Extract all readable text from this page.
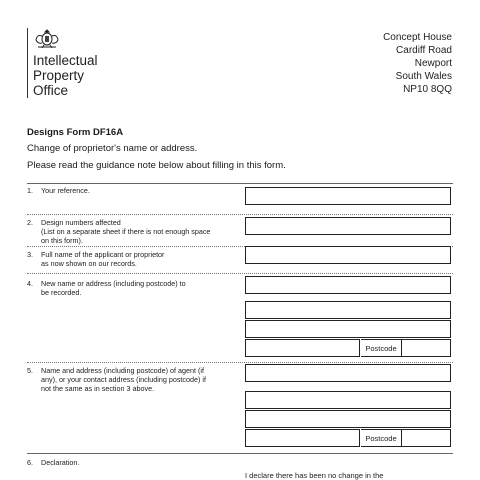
Intellectual
Property
Office
Concept House
Cardiff Road
Newport
South Wales
NP10 8QQ
Designs Form DF16A
Change of proprietor's name or address.
Please read the guidance note below about filling in this form.
1. Your reference.
2. Design numbers affected
(List on a separate sheet if there is not enough space
on this form).
3. Full name of the applicant or proprietor
as now shown on our records.
4. New name or address (including postcode) to
be recorded.
Postcode
5. Name and address (including postcode) of agent (if
any), or your contact address (including postcode) if
not the same as in section 3 above.
Postcode
6. Declaration.
I declare there has been no change in the
